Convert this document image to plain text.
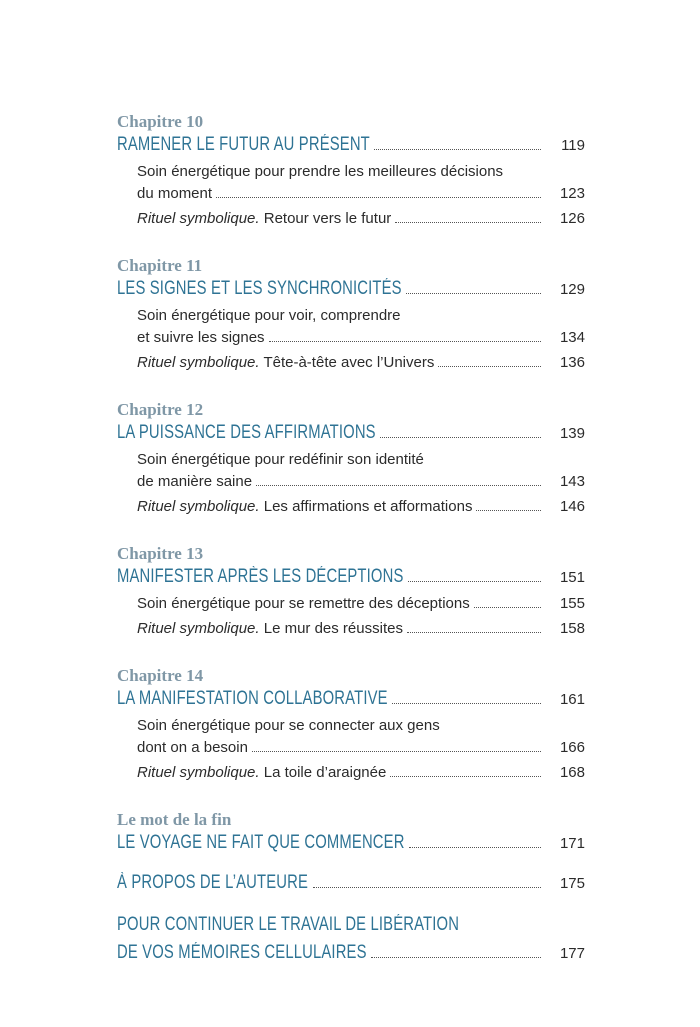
Chapitre 10
RAMENER LE FUTUR AU PRÉSENT	119
Soin énergétique pour prendre les meilleures décisions
du moment	123
Rituel symbolique. Retour vers le futur	126
Chapitre 11
LES SIGNES ET LES SYNCHRONICITÉS	129
Soin énergétique pour voir, comprendre
et suivre les signes	134
Rituel symbolique. Tête-à-tête avec l’Univers	136
Chapitre 12
LA PUISSANCE DES AFFIRMATIONS	139
Soin énergétique pour redéfinir son identité
de manière saine	143
Rituel symbolique. Les affirmations et afformations	146
Chapitre 13
MANIFESTER APRÈS LES DÉCEPTIONS	151
Soin énergétique pour se remettre des déceptions	155
Rituel symbolique. Le mur des réussites	158
Chapitre 14
LA MANIFESTATION COLLABORATIVE	161
Soin énergétique pour se connecter aux gens
dont on a besoin	166
Rituel symbolique. La toile d’araignée	168
Le mot de la fin
LE VOYAGE NE FAIT QUE COMMENCER	171
À PROPOS DE L’AUTEURE	175
POUR CONTINUER LE TRAVAIL DE LIBÉRATION
DE VOS MÉMOIRES CELLULAIRES	177
